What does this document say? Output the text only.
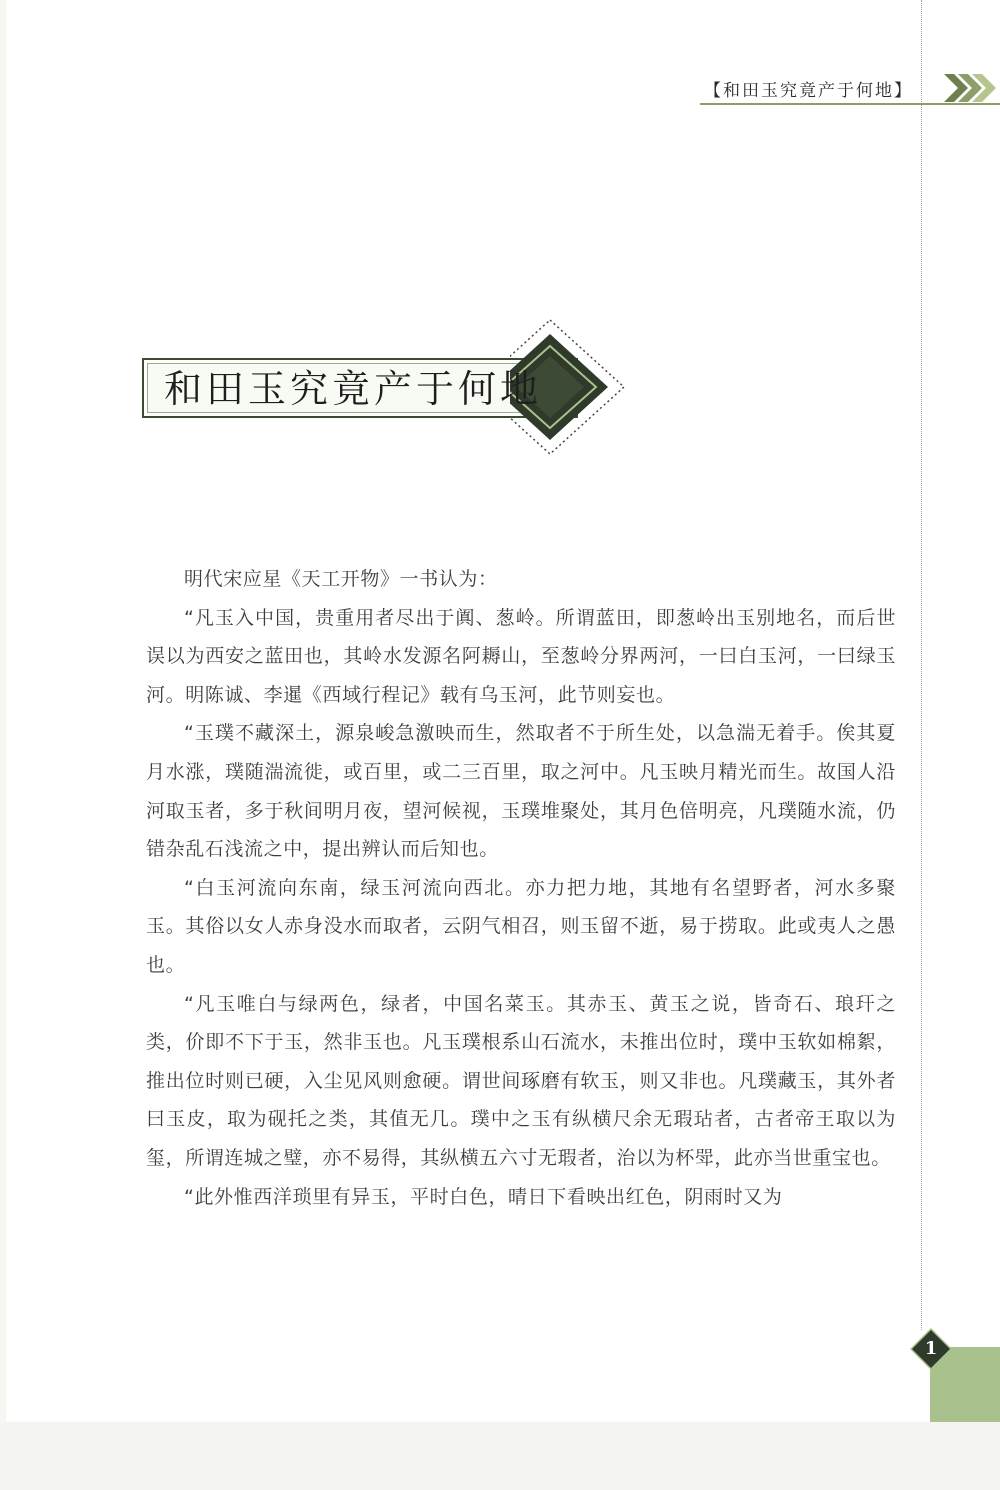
【和田玉究竟产于何地】
和田玉究竟产于何地

明代宋应星《天工开物》一书认为：

“凡玉入中国，贵重用者尽出于阗、葱岭。所谓蓝田，即葱岭出玉别地名，而后世误以为西安之蓝田也，其岭水发源名阿耨山，至葱岭分界两河，一曰白玉河，一曰绿玉河。明陈诚、李暹《西域行程记》载有乌玉河，此节则妄也。

“玉璞不藏深土，源泉峻急激映而生，然取者不于所生处，以急湍无着手。俟其夏月水涨，璞随湍流徙，或百里，或二三百里，取之河中。凡玉映月精光而生。故国人沿河取玉者，多于秋间明月夜，望河候视，玉璞堆聚处，其月色倍明亮，凡璞随水流，仍错杂乱石浅流之中，提出辨认而后知也。

“白玉河流向东南，绿玉河流向西北。亦力把力地，其地有名望野者，河水多聚玉。其俗以女人赤身没水而取者，云阴气相召，则玉留不逝，易于捞取。此或夷人之愚也。

“凡玉唯白与绿两色，绿者，中国名菜玉。其赤玉、黄玉之说，皆奇石、琅玕之类，价即不下于玉，然非玉也。凡玉璞根系山石流水，未推出位时，璞中玉软如棉絮，推出位时则已硬，入尘见风则愈硬。谓世间琢磨有软玉，则又非也。凡璞藏玉，其外者曰玉皮，取为砚托之类，其值无几。璞中之玉有纵横尺余无瑕玷者，古者帝王取以为玺，所谓连城之璧，亦不易得，其纵横五六寸无瑕者，治以为杯斝，此亦当世重宝也。

“此外惟西洋琐里有异玉，平时白色，晴日下看映出红色，阴雨时又为

1
